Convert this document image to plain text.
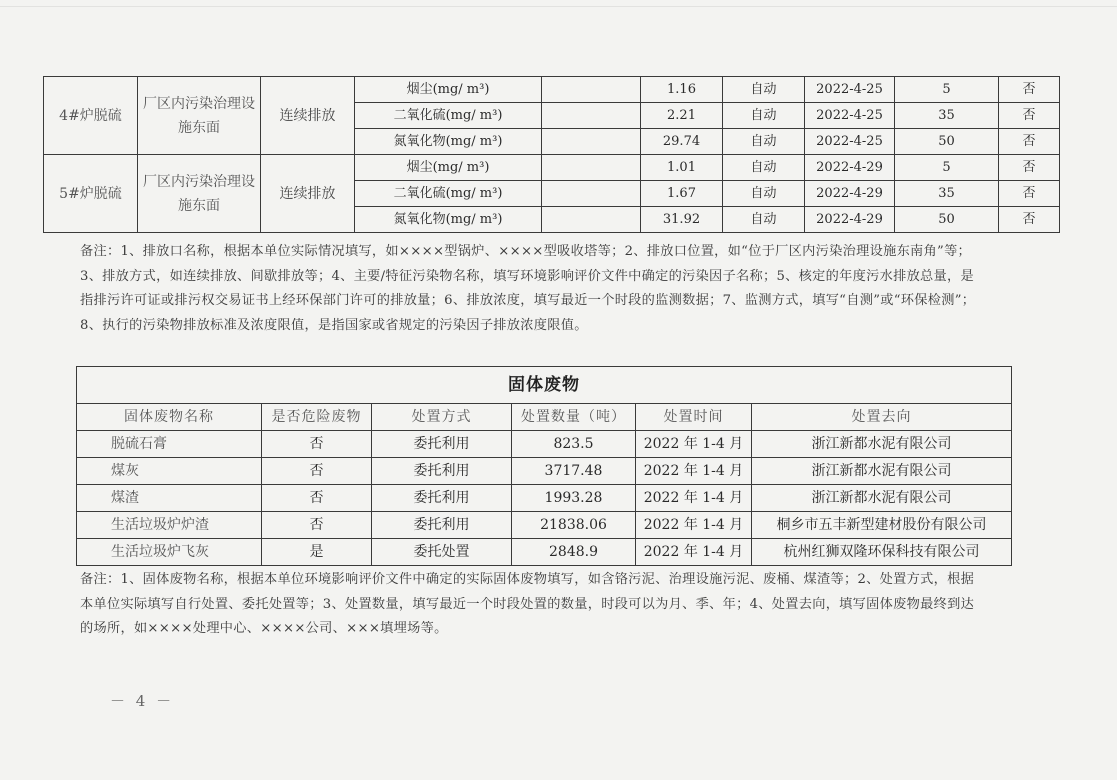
4#炉脱硫	厂区内污染治理设施东面	连续排放	烟尘(mg/ m³)		1.16	自动	2022-4-25	5	否
			二氧化硫(mg/ m³)		2.21	自动	2022-4-25	35	否
			氮氧化物(mg/ m³)		29.74	自动	2022-4-25	50	否
5#炉脱硫	厂区内污染治理设施东面	连续排放	烟尘(mg/ m³)		1.01	自动	2022-4-29	5	否
			二氧化硫(mg/ m³)		1.67	自动	2022-4-29	35	否
			氮氧化物(mg/ m³)		31.92	自动	2022-4-29	50	否
备注：1、排放口名称，根据本单位实际情况填写，如××××型锅炉、××××型吸收塔等；2、排放口位置，如“位于厂区内污染治理设施东南角”等；3、排放方式，如连续排放、间歇排放等；4、主要/特征污染物名称，填写环境影响评价文件中确定的污染因子名称；5、核定的年度污水排放总量，是指排污许可证或排污权交易证书上经环保部门许可的排放量；6、排放浓度，填写最近一个时段的监测数据；7、监测方式，填写“自测”或“环保检测”；8、执行的污染物排放标准及浓度限值，是指国家或省规定的污染因子排放浓度限值。
固体废物					
固体废物名称	是否危险废物	处置方式	处置数量（吨）	处置时间	处置去向
脱硫石膏	否	委托利用	823.5	2022 年 1-4 月	浙江新都水泥有限公司
煤灰	否	委托利用	3717.48	2022 年 1-4 月	浙江新都水泥有限公司
煤渣	否	委托利用	1993.28	2022 年 1-4 月	浙江新都水泥有限公司
生活垃圾炉炉渣	否	委托利用	21838.06	2022 年 1-4 月	桐乡市五丰新型建材股份有限公司
生活垃圾炉飞灰	是	委托处置	2848.9	2022 年 1-4 月	杭州红狮双隆环保科技有限公司
备注：1、固体废物名称，根据本单位环境影响评价文件中确定的实际固体废物填写，如含铬污泥、治理设施污泥、废桶、煤渣等；2、处置方式，根据本单位实际填写自行处置、委托处置等；3、处置数量，填写最近一个时段处置的数量，时段可以为月、季、年；4、处置去向，填写固体废物最终到达的场所，如××××处理中心、××××公司、×××填埋场等。
－ 4 －
